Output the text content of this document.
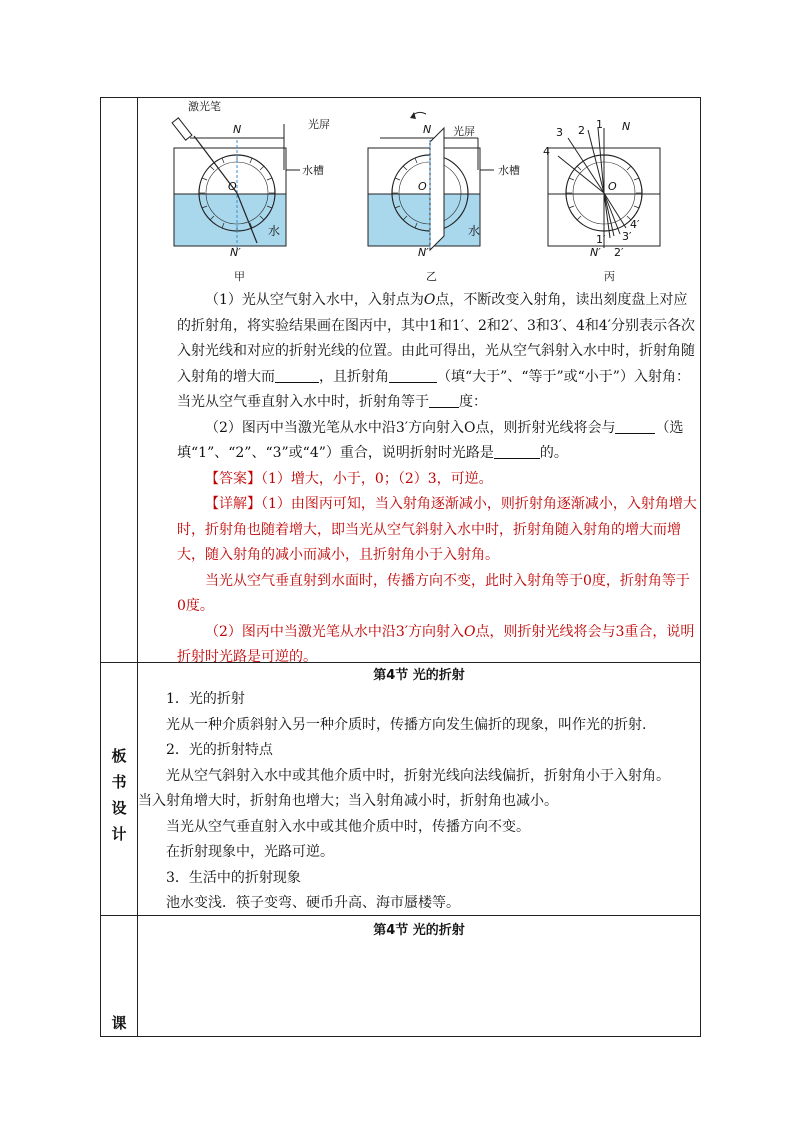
激光笔
光屏
水槽
水
N
O
N′
甲
N 光屏
水槽
水
O
N′
乙
N
O
N′
1
2
3
4
1′
2′
3′
4′
丙

（1）光从空气射入水中，入射点为O点，不断改变入射角，读出刻度盘上对应的折射角，将实验结果画在图丙中，其中1和1′、2和2′、3和3′、4和4′分别表示各次入射光线和对应的折射光线的位置。由此可得出，光从空气斜射入水中时，折射角随入射角的增大而	，且折射角	（填“大于”、“等于”或“小于”）入射角：当光从空气垂直射入水中时，折射角等于 度：

（2）图丙中当激光笔从水中沿3′方向射入O点，则折射光线将会与	（选填“1”、“2”、“3”或“4”）重合，说明折射时光路是	的。

【答案】（1）增大，小于，0；（2）3，可逆。

【详解】（1）由图丙可知，当入射角逐渐减小，则折射角逐渐减小，入射角增大时，折射角也随着增大，即当光从空气斜射入水中时，折射角随入射角的增大而增大，随入射角的减小而减小，且折射角小于入射角。

当光从空气垂直射到水面时，传播方向不变，此时入射角等于0度，折射角等于0度。

（2）图丙中当激光笔从水中沿3′方向射入O点，则折射光线将会与3重合，说明折射时光路是可逆的。

板
书
设
计
第4节 光的折射

1．光的折射

光从一种介质斜射入另一种介质时，传播方向发生偏折的现象，叫作光的折射.

2．光的折射特点

光从空气斜射入水中或其他介质中时，折射光线向法线偏折，折射角小于入射角。

当入射角增大时，折射角也增大；当入射角减小时，折射角也减小。

当光从空气垂直射入水中或其他介质中时，传播方向不变。

在折射现象中，光路可逆。

3．生活中的折射现象

池水变浅．筷子变弯、硬币升高、海市蜃楼等。

课
第4节 光的折射
